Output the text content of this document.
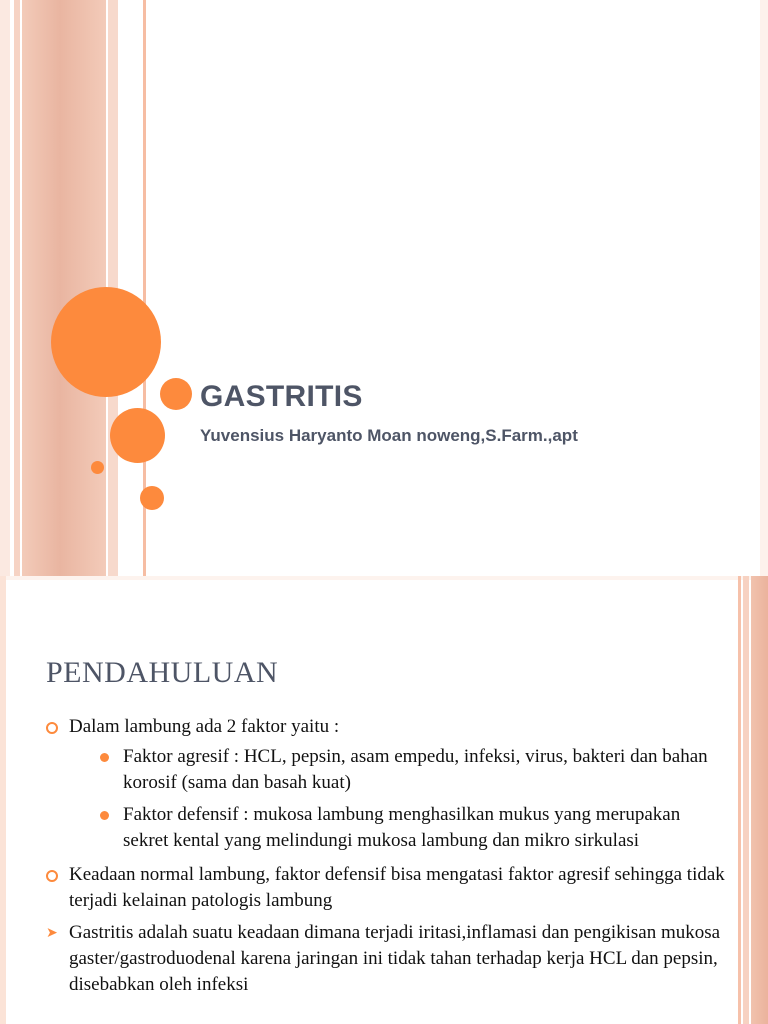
GASTRITIS
Yuvensius Haryanto Moan noweng,S.Farm.,apt
PENDAHULUAN
Dalam lambung ada 2 faktor yaitu :
Faktor agresif : HCL, pepsin, asam empedu, infeksi, virus, bakteri dan bahan korosif (sama dan basah kuat)
Faktor defensif : mukosa lambung menghasilkan mukus yang merupakan sekret kental yang melindungi mukosa lambung dan mikro sirkulasi
Keadaan normal lambung, faktor defensif bisa mengatasi faktor agresif sehingga tidak terjadi kelainan patologis lambung
➤ Gastritis adalah suatu keadaan dimana terjadi iritasi,inflamasi dan pengikisan mukosa gaster/gastroduodenal karena jaringan ini tidak tahan terhadap kerja HCL dan pepsin, disebabkan oleh infeksi
